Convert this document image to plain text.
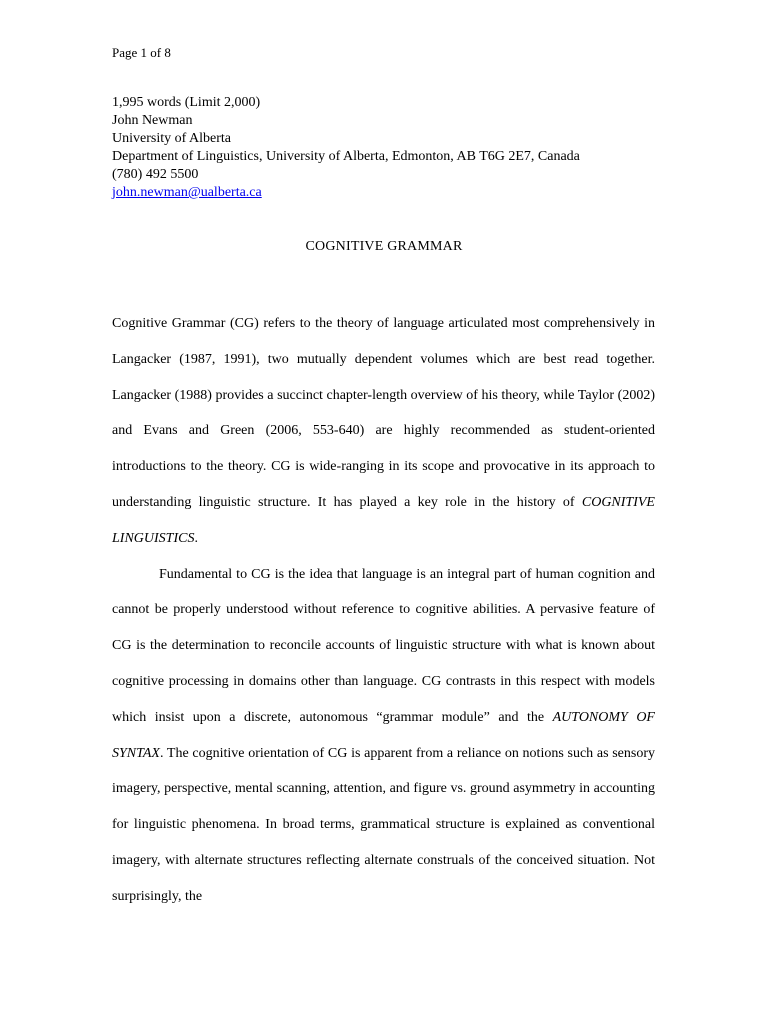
Page 1 of 8
1,995 words (Limit 2,000)
John Newman
University of Alberta
Department of Linguistics, University of Alberta, Edmonton, AB T6G 2E7, Canada
(780) 492 5500
john.newman@ualberta.ca
COGNITIVE GRAMMAR

Cognitive Grammar (CG) refers to the theory of language articulated most comprehensively in Langacker (1987, 1991), two mutually dependent volumes which are best read together. Langacker (1988) provides a succinct chapter-length overview of his theory, while Taylor (2002) and Evans and Green (2006, 553-640) are highly recommended as student-oriented introductions to the theory. CG is wide-ranging in its scope and provocative in its approach to understanding linguistic structure. It has played a key role in the history of COGNITIVE LINGUISTICS.

Fundamental to CG is the idea that language is an integral part of human cognition and cannot be properly understood without reference to cognitive abilities. A pervasive feature of CG is the determination to reconcile accounts of linguistic structure with what is known about cognitive processing in domains other than language. CG contrasts in this respect with models which insist upon a discrete, autonomous “grammar module” and the AUTONOMY OF SYNTAX. The cognitive orientation of CG is apparent from a reliance on notions such as sensory imagery, perspective, mental scanning, attention, and figure vs. ground asymmetry in accounting for linguistic phenomena. In broad terms, grammatical structure is explained as conventional imagery, with alternate structures reflecting alternate construals of the conceived situation. Not surprisingly, the
